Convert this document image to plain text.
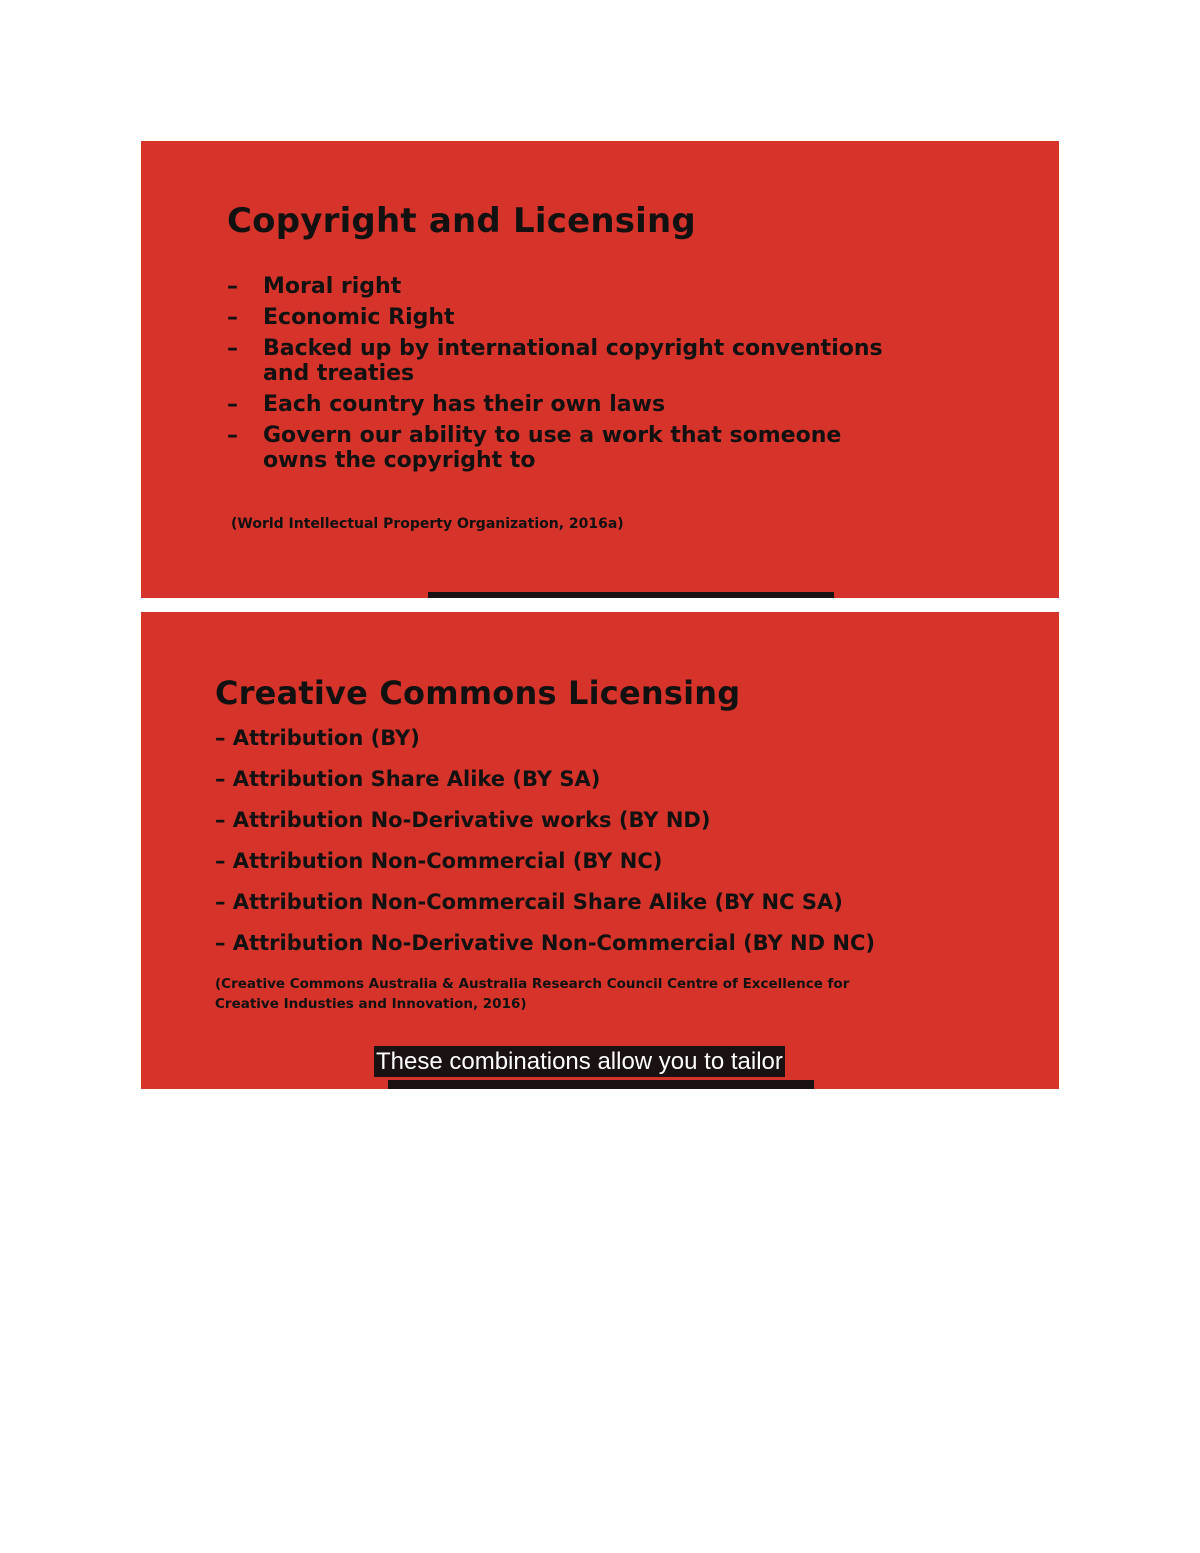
Copyright and Licensing
– Moral right
– Economic Right
– Backed up by international copyright conventions and treaties
– Each country has their own laws
– Govern our ability to use a work that someone owns the copyright to

(World Intellectual Property Organization, 2016a)

Creative Commons Licensing
– Attribution (BY)
– Attribution Share Alike (BY SA)
– Attribution No-Derivative works (BY ND)
– Attribution Non-Commercial (BY NC)
– Attribution Non-Commercail Share Alike (BY NC SA)
– Attribution No-Derivative Non-Commercial (BY ND NC)

(Creative Commons Australia & Australia Research Council Centre of Excellence for Creative Industies and Innovation, 2016)

These combinations allow you to tailor
